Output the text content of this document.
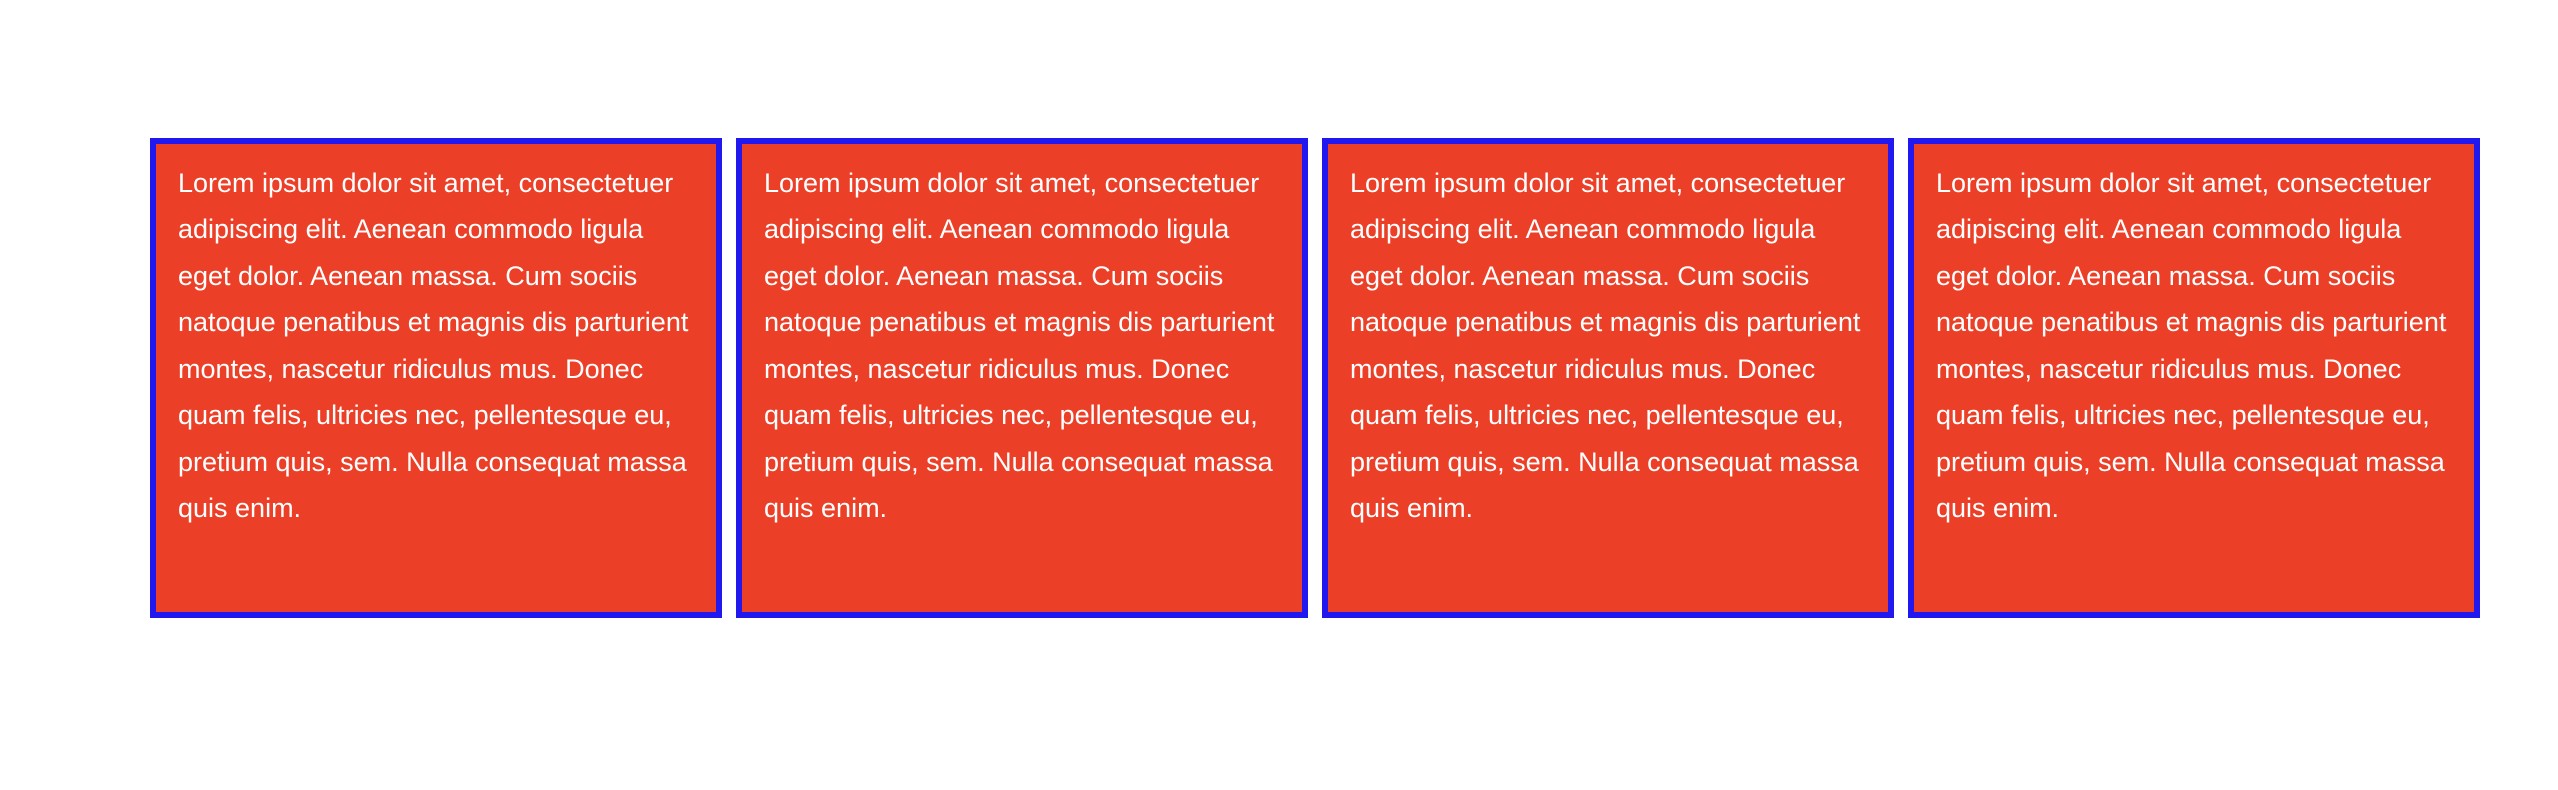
Lorem ipsum dolor sit amet, consectetuer adipiscing elit. Aenean commodo ligula eget dolor. Aenean massa. Cum sociis natoque penatibus et magnis dis parturient montes, nascetur ridiculus mus. Donec quam felis, ultricies nec, pellentesque eu, pretium quis, sem. Nulla consequat massa quis enim.

Lorem ipsum dolor sit amet, consectetuer adipiscing elit. Aenean commodo ligula eget dolor. Aenean massa. Cum sociis natoque penatibus et magnis dis parturient montes, nascetur ridiculus mus. Donec quam felis, ultricies nec, pellentesque eu, pretium quis, sem. Nulla consequat massa quis enim.

Lorem ipsum dolor sit amet, consectetuer adipiscing elit. Aenean commodo ligula eget dolor. Aenean massa. Cum sociis natoque penatibus et magnis dis parturient montes, nascetur ridiculus mus. Donec quam felis, ultricies nec, pellentesque eu, pretium quis, sem. Nulla consequat massa quis enim.

Lorem ipsum dolor sit amet, consectetuer adipiscing elit. Aenean commodo ligula eget dolor. Aenean massa. Cum sociis natoque penatibus et magnis dis parturient montes, nascetur ridiculus mus. Donec quam felis, ultricies nec, pellentesque eu, pretium quis, sem. Nulla consequat massa quis enim.
